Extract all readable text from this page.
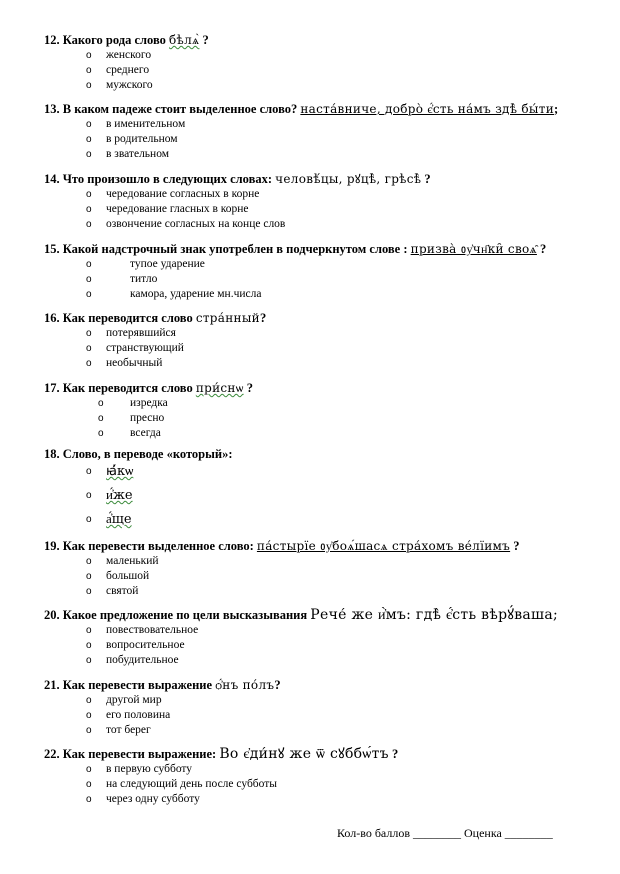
12. Какого рода слово бѣлѧ̀ ?
o женского
o среднего
o мужского
13. В каком падеже стоит выделенное слово? наста́вниче, добро̀ є҆́сть на́мъ здѣ̀ бы́ти;
o в именительном
o в родительном
o в звательном
14. Что произошло в следующих словах: человѣ́цы, рꙋцѣ̀, грѣсѣ̀ ?
o чередование согласных в корне
o чередование гласных в корне
o озвончение согласных на конце слов
15. Какой надстрочный знак употреблен в подчеркнутом слове : призва̀ ᲂу҆чн҃ки̑ своѧ̑ ?
o	тупое ударение
o	титло
o	камора, ударение мн.числа
16. Как переводится слово стра́нный?
o потерявшийся
o странствующий
o необычный
17. Как переводится слово при́снѡ ?
o изредка
o пресно
o всегда
18. Слово, в переводе «который»:
o ꙗ҆́кѡ
o и҆́же
o а҆́ще
19. Как перевести выделенное слово: па́стырїе ᲂу҆боѧ́шасѧ стра́хомъ ве́лїимъ ?
o маленький
o большой
o святой
20. Какое предложение по цели высказывания Рече́ же и҆̀мъ: гдѣ̀ є҆́сть вѣрꙋ́ваша;
o повествовательное
o вопросительное
o побудительное
21. Как перевести выражение ѻ҆́нъ по́лъ?
o другой мир
o его половина
o тот берег
22. Как перевести выражение: Во є҆ди́нꙋ же ѿ сꙋббѡ́тъ ?
o в первую субботу
o на следующий день после субботы
o через одну субботу
Кол-во баллов ________ Оценка ________
